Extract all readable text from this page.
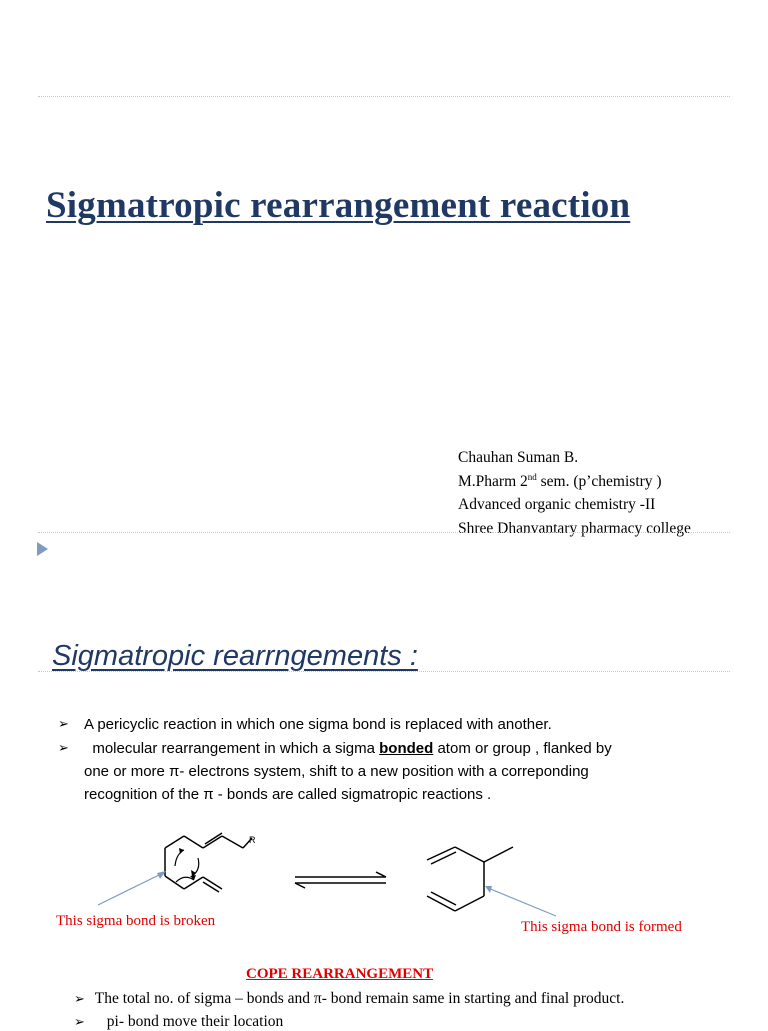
Sigmatropic rearrangement reaction
Chauhan Suman B.
M.Pharm 2nd sem. (p’chemistry )
Advanced organic chemistry -II
Shree Dhanvantary pharmacy college
Sigmatropic rearrngements :
➢ A pericyclic reaction in which one sigma bond is replaced with another.
➢ molecular rearrangement in which a sigma bonded atom or group , flanked by
one or more π- electrons system, shift to a new position with a correponding
recognition of the π - bonds are called sigmatropic reactions .
R
This sigma bond is broken	This sigma bond is formed
COPE REARRANGEMENT
➢ The total no. of sigma – bonds and π- bond remain same in starting and final product.
➢ pi- bond move their location
